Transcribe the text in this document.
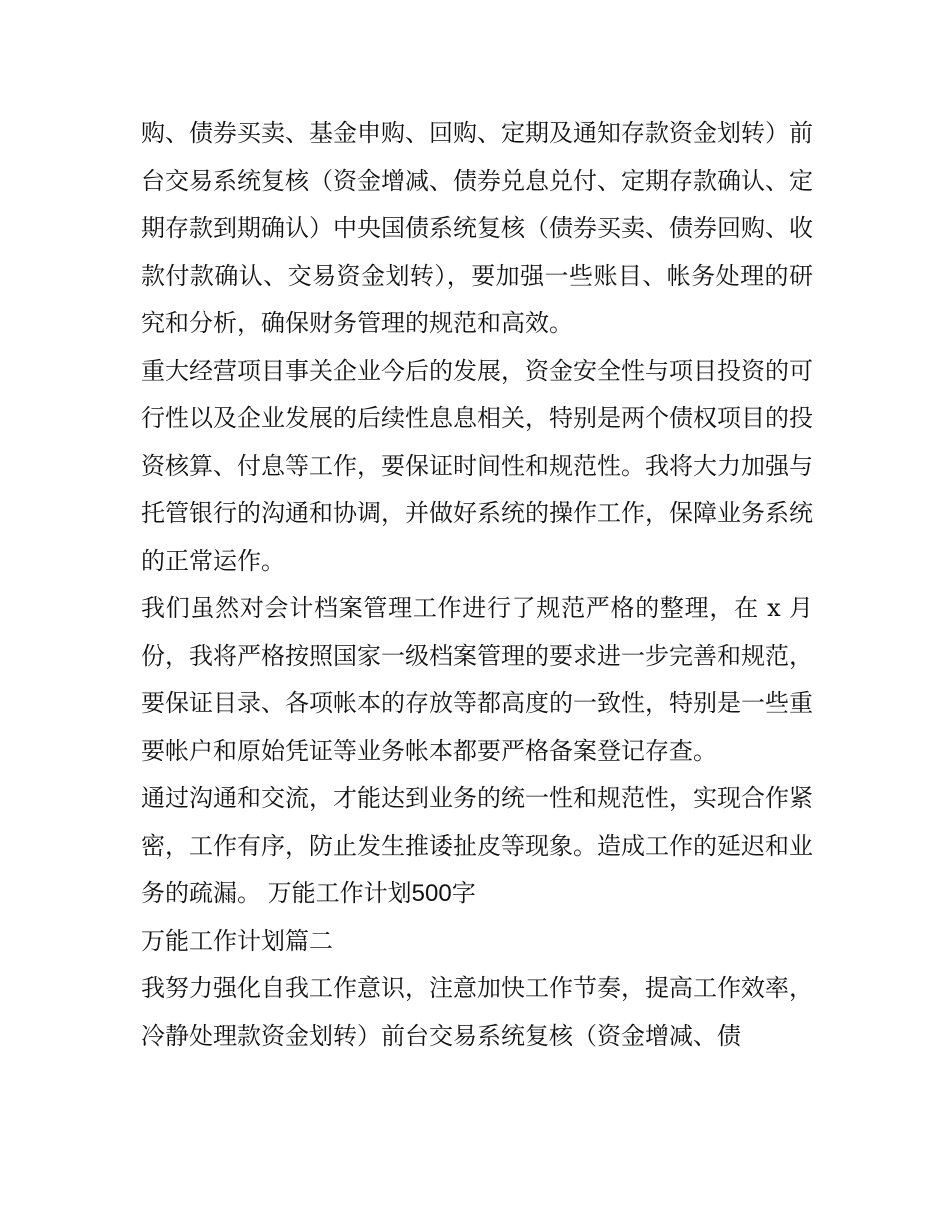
购、债券买卖、基金申购、回购、定期及通知存款资金划转）前台交易系统复核（资金增减、债券兑息兑付、定期存款确认、定期存款到期确认）中央国债系统复核（债券买卖、债券回购、收款付款确认、交易资金划转），要加强一些账目、帐务处理的研究和分析，确保财务管理的规范和高效。

重大经营项目事关企业今后的发展，资金安全性与项目投资的可行性以及企业发展的后续性息息相关，特别是两个债权项目的投资核算、付息等工作，要保证时间性和规范性。我将大力加强与托管银行的沟通和协调，并做好系统的操作工作，保障业务系统的正常运作。

我们虽然对会计档案管理工作进行了规范严格的整理，在 x 月份，我将严格按照国家一级档案管理的要求进一步完善和规范，要保证目录、各项帐本的存放等都高度的一致性，特别是一些重要帐户和原始凭证等业务帐本都要严格备案登记存查。

通过沟通和交流，才能达到业务的统一性和规范性，实现合作紧密，工作有序，防止发生推诿扯皮等现象。造成工作的延迟和业务的疏漏。 万能工作计划500字

万能工作计划篇二

我努力强化自我工作意识，注意加快工作节奏，提高工作效率，冷静处理款资金划转）前台交易系统复核（资金增减、债
